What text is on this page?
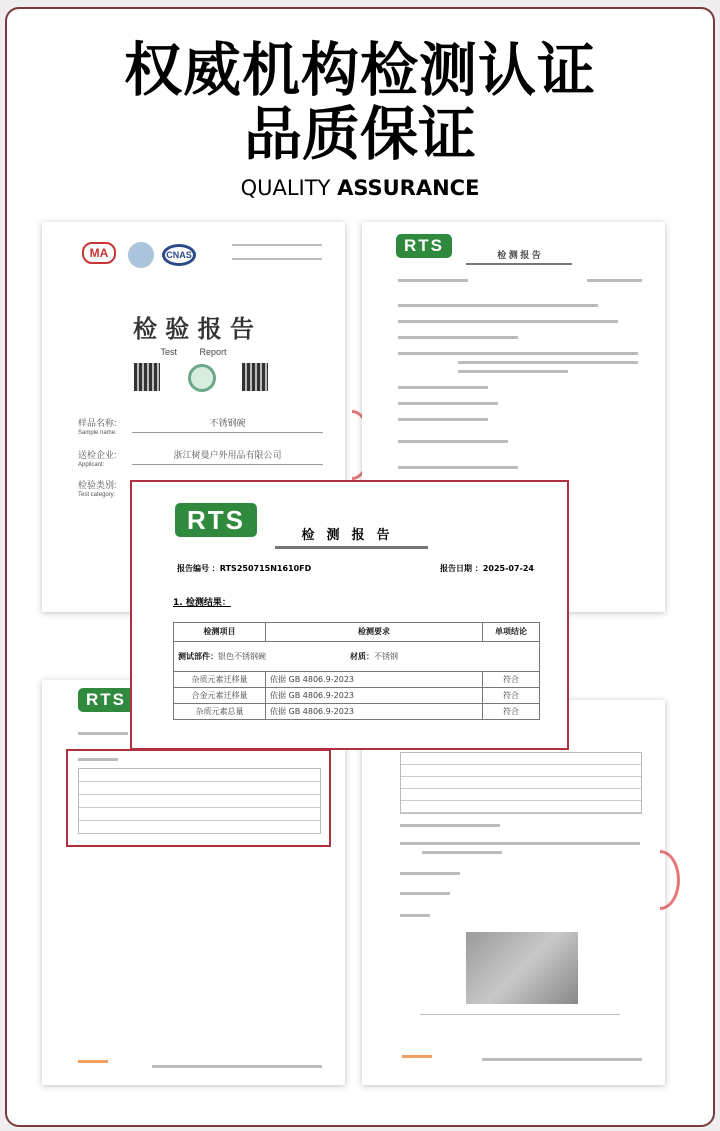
权威机构检测认证
品质保证
QUALITY ASSURANCE
MA	CNAS
检 验 报 告
Test Report
样品名称:
Sample name:
不锈钢碗
送检企业:
Applicant:
浙江树曼户外用品有限公司
检验类别:
Test category:
RTS	检 测 报 告
RTS
RTS
检测报告
报告编号 ：RTS250715N1610FD	报告日期 ：2025-07-24
1. 检测结果：
检测项目	检测要求	单项结论

测试部件：银色不锈钢碗 材质：不锈钢		

杂质元素迁移量	依据 GB 4806.9-2023	符合
合金元素迁移量	依据 GB 4806.9-2023	符合
杂质元素总量	依据 GB 4806.9-2023	符合
